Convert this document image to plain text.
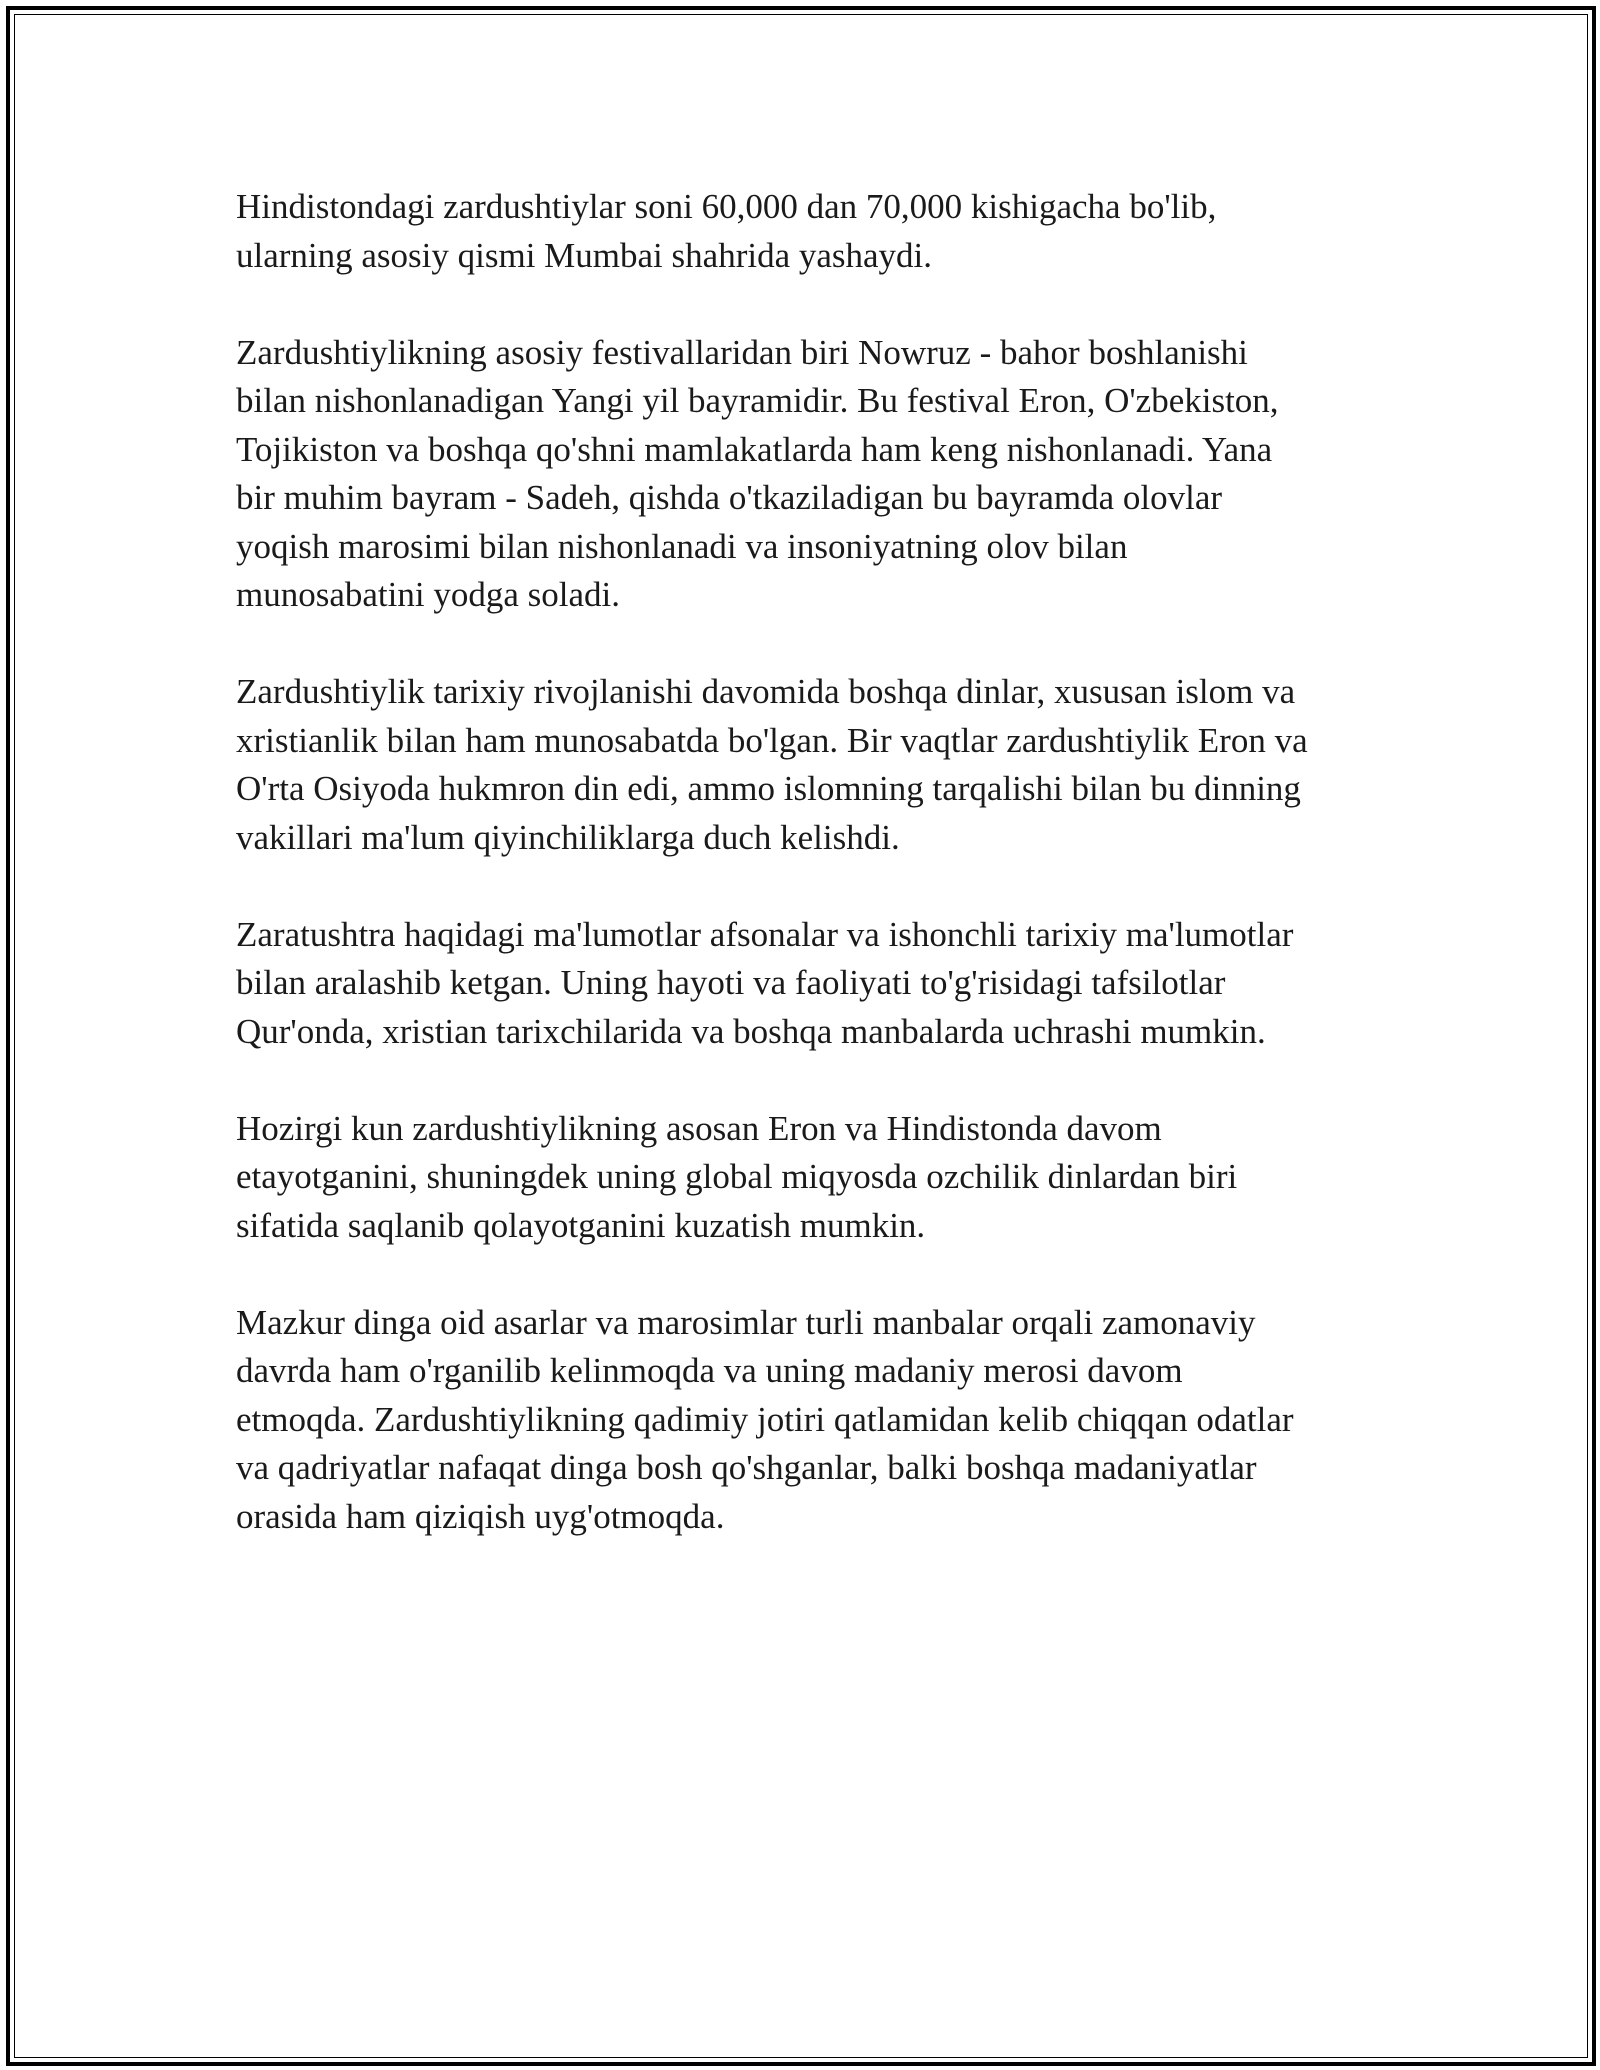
Hindistondagi zardushtiylar soni 60,000 dan 70,000 kishigacha bo'lib,
ularning asosiy qismi Mumbai shahrida yashaydi.

Zardushtiylikning asosiy festivallaridan biri Nowruz - bahor boshlanishi
bilan nishonlanadigan Yangi yil bayramidir. Bu festival Eron, O'zbekiston,
Tojikiston va boshqa qo'shni mamlakatlarda ham keng nishonlanadi. Yana
bir muhim bayram - Sadeh, qishda o'tkaziladigan bu bayramda olovlar
yoqish marosimi bilan nishonlanadi va insoniyatning olov bilan
munosabatini yodga soladi.

Zardushtiylik tarixiy rivojlanishi davomida boshqa dinlar, xususan islom va
xristianlik bilan ham munosabatda bo'lgan. Bir vaqtlar zardushtiylik Eron va
O'rta Osiyoda hukmron din edi, ammo islomning tarqalishi bilan bu dinning
vakillari ma'lum qiyinchiliklarga duch kelishdi.

Zaratushtra haqidagi ma'lumotlar afsonalar va ishonchli tarixiy ma'lumotlar
bilan aralashib ketgan. Uning hayoti va faoliyati to'g'risidagi tafsilotlar
Qur'onda, xristian tarixchilarida va boshqa manbalarda uchrashi mumkin.

Hozirgi kun zardushtiylikning asosan Eron va Hindistonda davom
etayotganini, shuningdek uning global miqyosda ozchilik dinlardan biri
sifatida saqlanib qolayotganini kuzatish mumkin.

Mazkur dinga oid asarlar va marosimlar turli manbalar orqali zamonaviy
davrda ham o'rganilib kelinmoqda va uning madaniy merosi davom
etmoqda. Zardushtiylikning qadimiy jotiri qatlamidan kelib chiqqan odatlar
va qadriyatlar nafaqat dinga bosh qo'shganlar, balki boshqa madaniyatlar
orasida ham qiziqish uyg'otmoqda.
